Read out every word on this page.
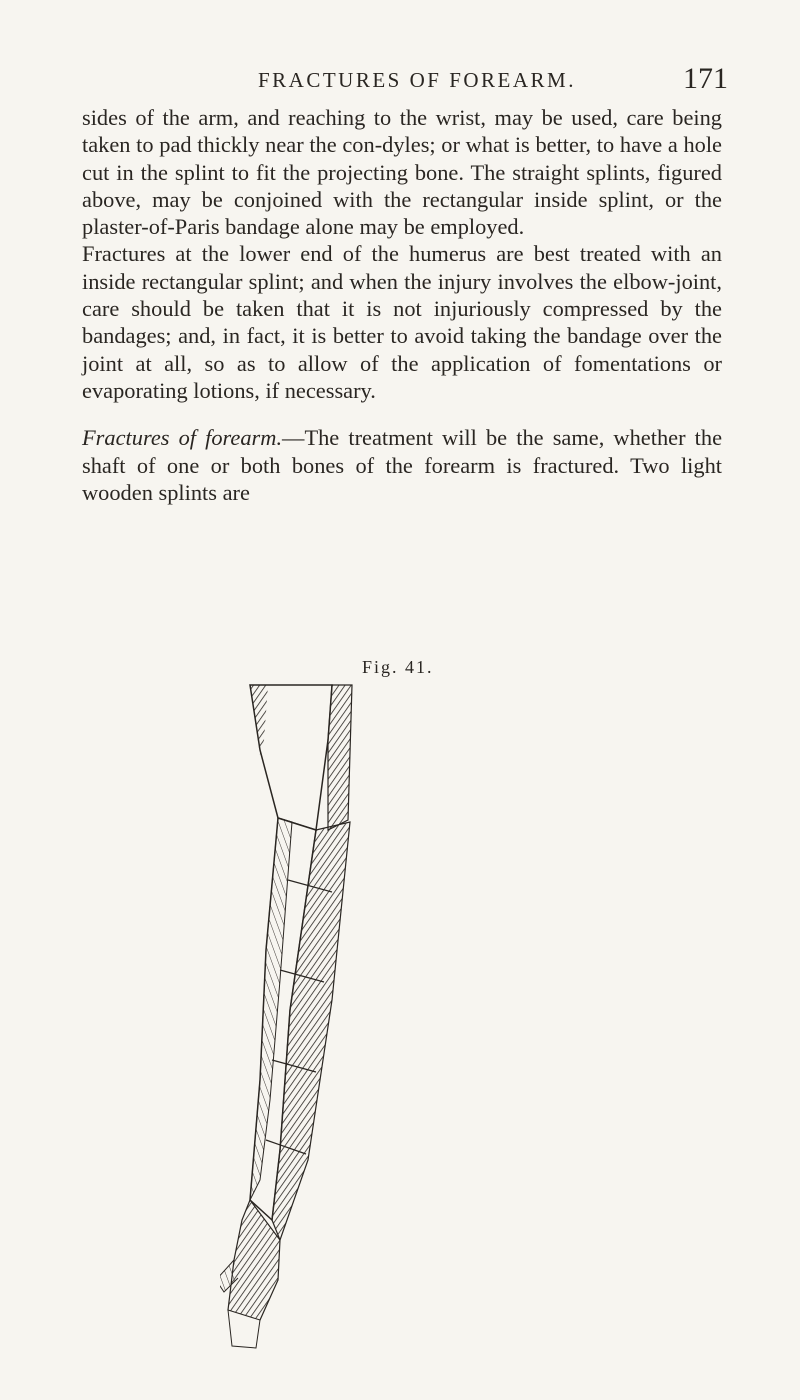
FRACTURES OF FOREARM.	171

sides of the arm, and reaching to the wrist, may be used, care being taken to pad thickly near the con-dyles; or what is better, to have a hole cut in the splint to fit the projecting bone. The straight splints, figured above, may be conjoined with the rectangular inside splint, or the plaster-of-Paris bandage alone may be employed.

Fractures at the lower end of the humerus are best treated with an inside rectangular splint; and when the injury involves the elbow-joint, care should be taken that it is not injuriously compressed by the bandages; and, in fact, it is better to avoid taking the bandage over the joint at all, so as to allow of the application of fomentations or evaporating lotions, if necessary.

Fractures of forearm.—The treatment will be the same, whether the shaft of one or both bones of the forearm is fractured. Two light wooden splints are

Fig. 41.
